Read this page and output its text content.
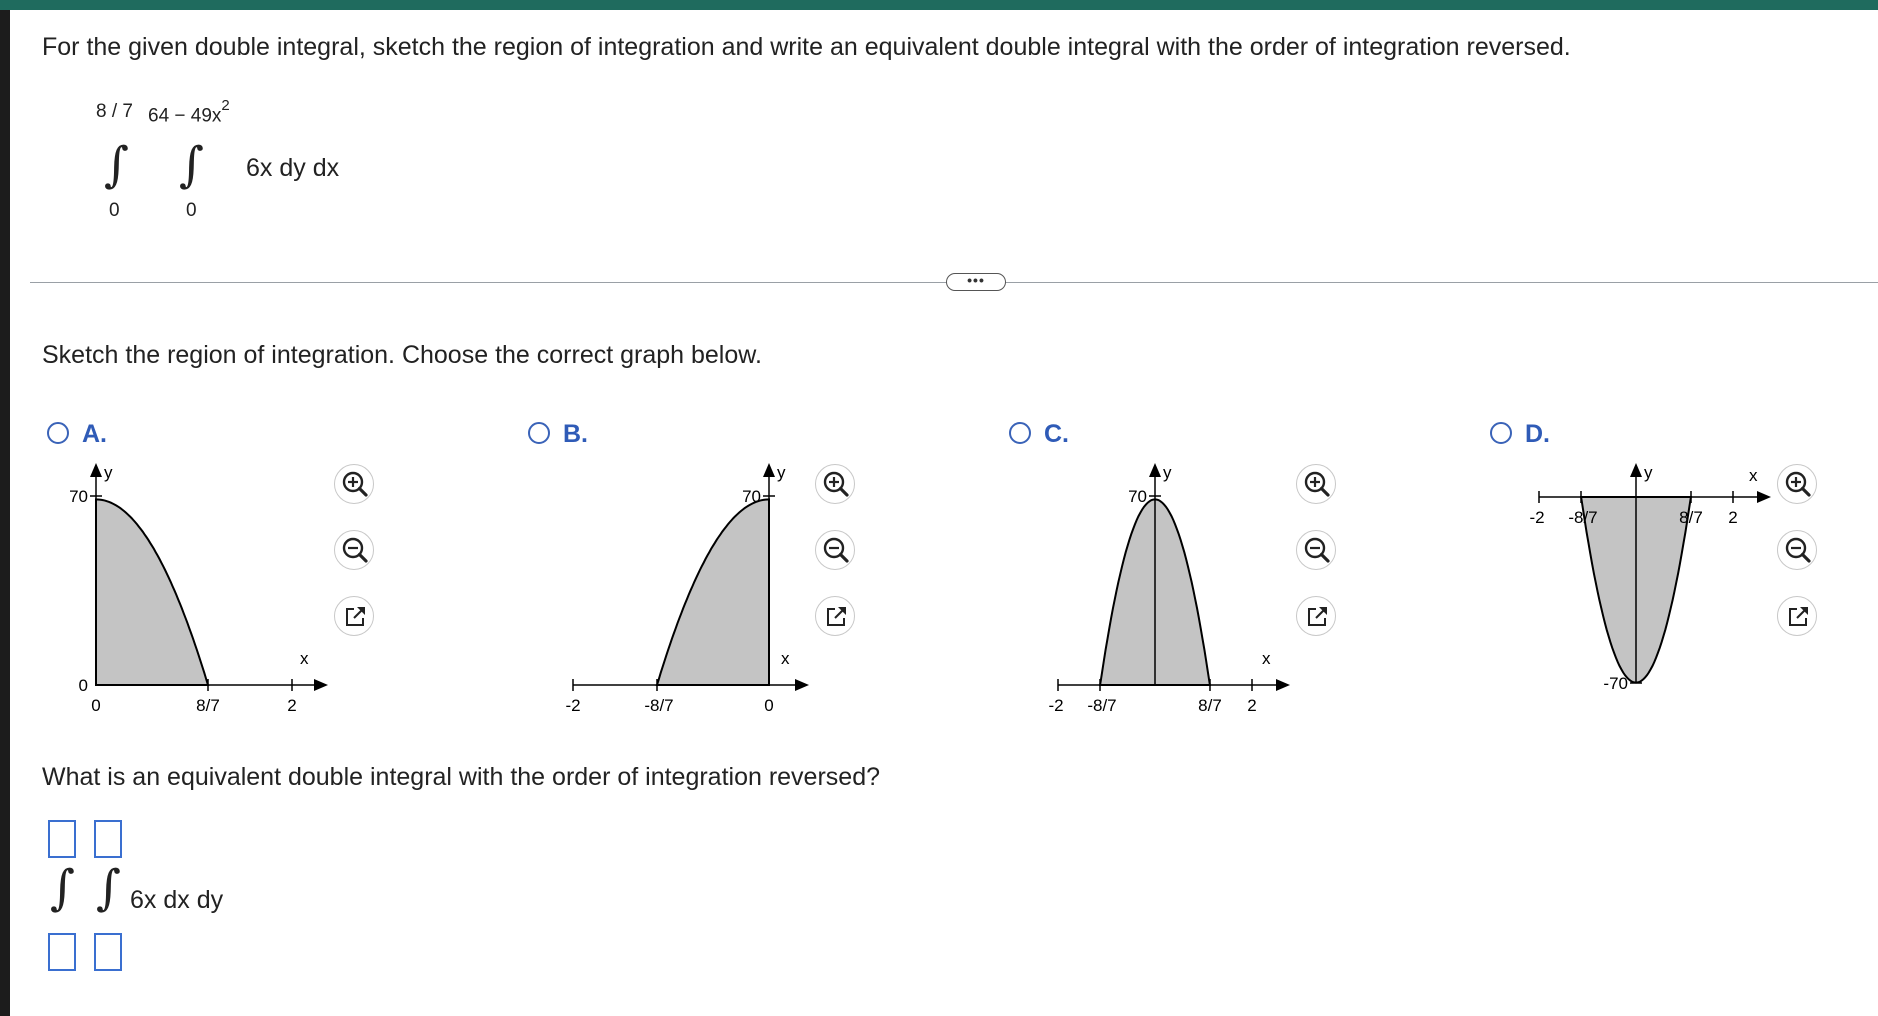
For the given double integral, sketch the region of integration and write an equivalent double integral with the order of integration reversed.
8 / 7 $64 - 49x^2$
∫ ∫ 6x dy dx
0	0
•••
Sketch the region of integration. Choose the correct graph below.
A.	B.	C.	D.
y
x
70
0
0	8/7	2
y
x
70
-2	-8/7	0
y
x
70
-2 -8/7	8/7 2
y	x
-70
-2 -8/7	8/7 2
What is an equivalent double integral with the order of integration reversed?
∫ ∫ 6x dx dy
